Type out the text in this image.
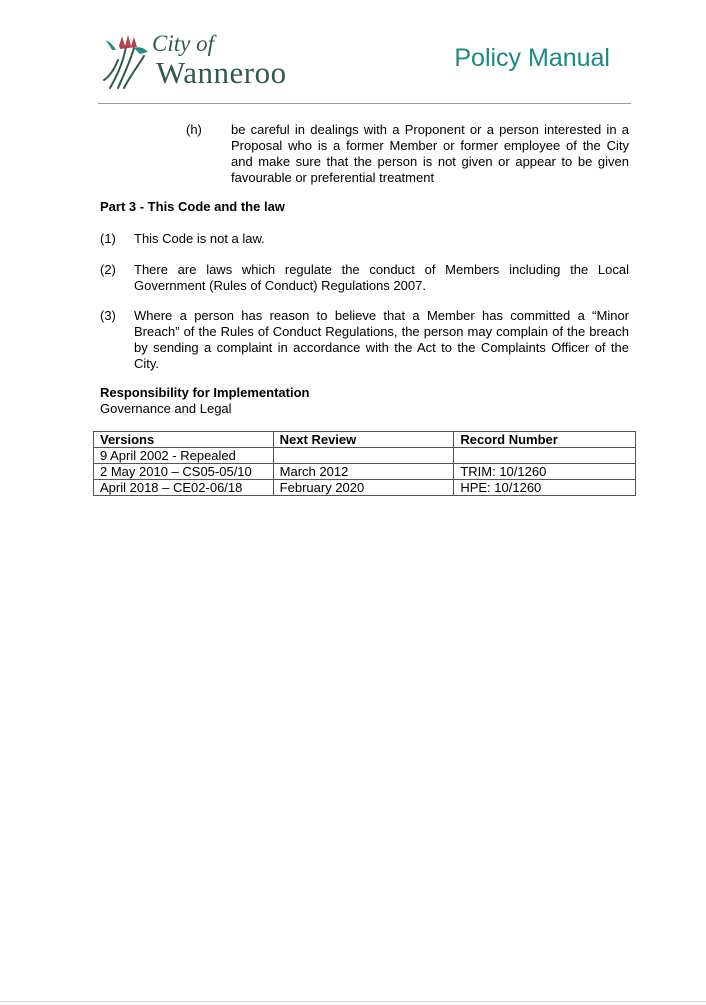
City of
Wanneroo	Policy Manual
(h) be careful in dealings with a Proponent or a person interested in a Proposal who is a former Member or former employee of the City and make sure that the person is not given or appear to be given favourable or preferential treatment
Part 3 - This Code and the law
(1) This Code is not a law.
(2) There are laws which regulate the conduct of Members including the Local Government (Rules of Conduct) Regulations 2007.
(3) Where a person has reason to believe that a Member has committed a “Minor Breach” of the Rules of Conduct Regulations, the person may complain of the breach by sending a complaint in accordance with the Act to the Complaints Officer of the City.
Responsibility for Implementation
Governance and Legal
Versions	Next Review	Record Number
9 April 2002 - Repealed		
2 May 2010 – CS05-05/10	March 2012	TRIM: 10/1260
April 2018 – CE02-06/18	February 2020	HPE: 10/1260
